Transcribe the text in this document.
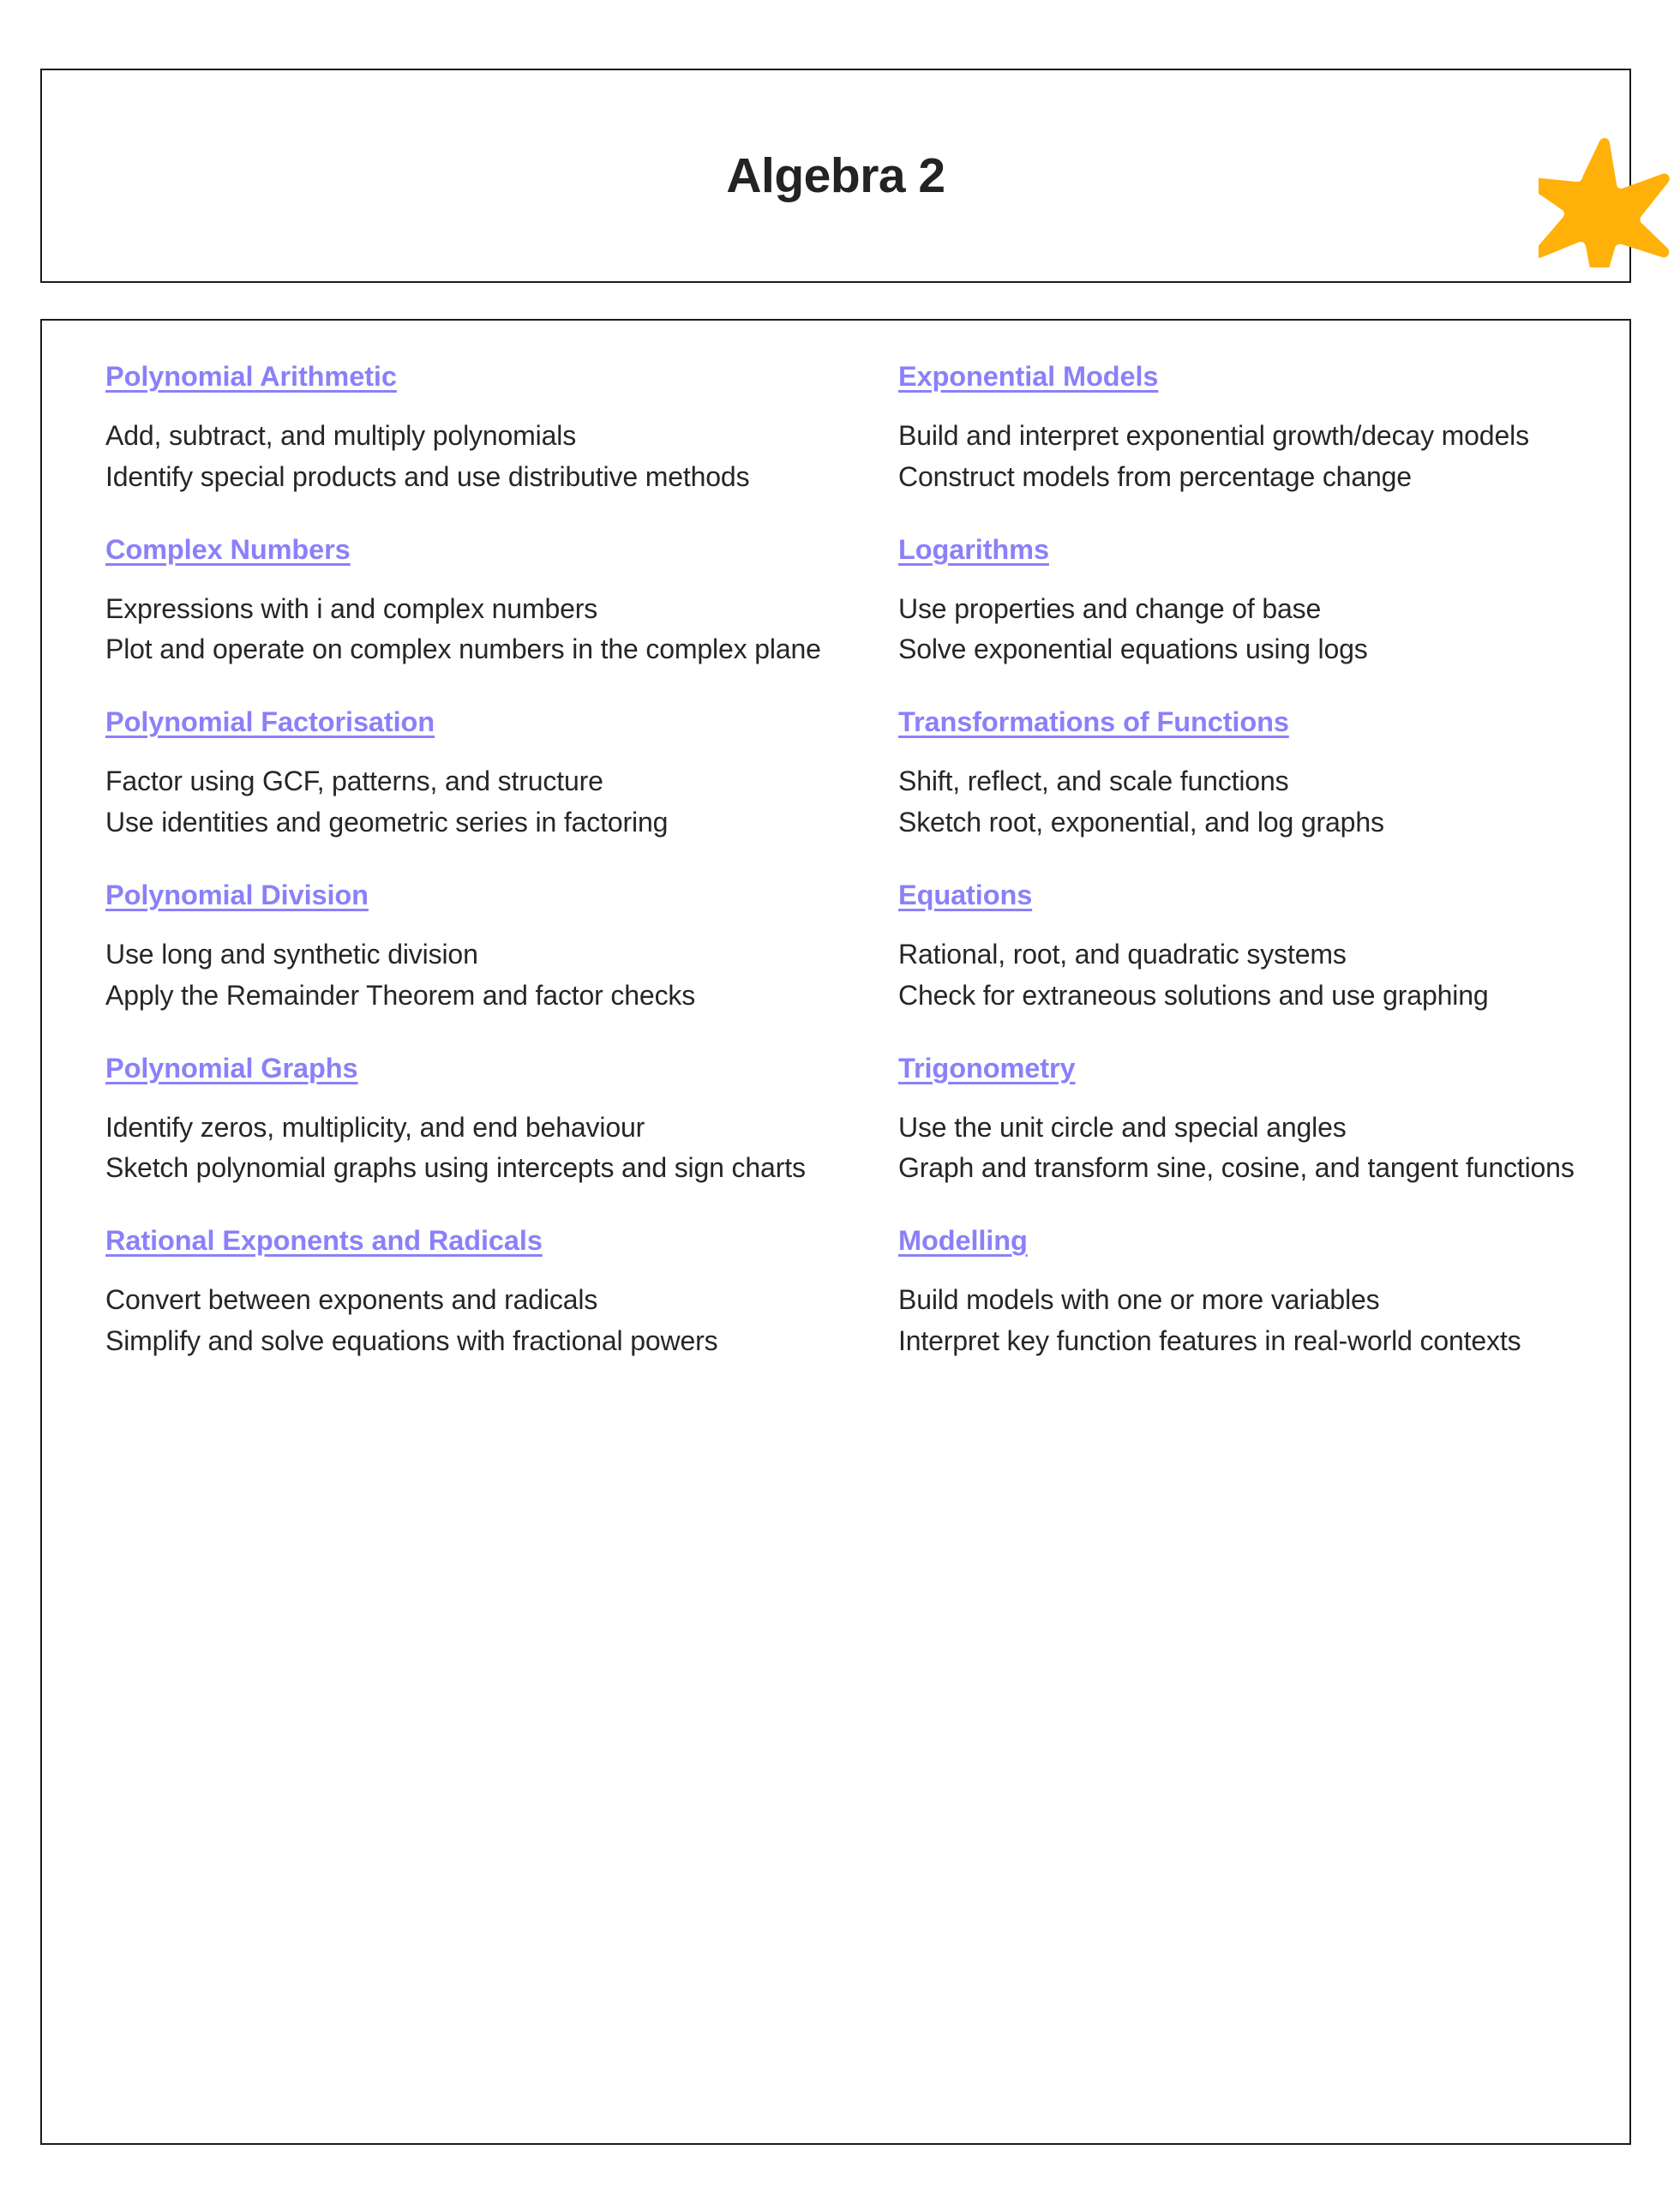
Algebra 2
Polynomial Arithmetic
Add, subtract, and multiply polynomials
Identify special products and use distributive methods
Complex Numbers
Expressions with i and complex numbers
Plot and operate on complex numbers in the complex plane
Polynomial Factorisation
Factor using GCF, patterns, and structure
Use identities and geometric series in factoring
Polynomial Division
Use long and synthetic division
Apply the Remainder Theorem and factor checks
Polynomial Graphs
Identify zeros, multiplicity, and end behaviour
Sketch polynomial graphs using intercepts and sign charts
Rational Exponents and Radicals
Convert between exponents and radicals
Simplify and solve equations with fractional powers
Exponential Models
Build and interpret exponential growth/decay models
Construct models from percentage change
Logarithms
Use properties and change of base
Solve exponential equations using logs
Transformations of Functions
Shift, reflect, and scale functions
Sketch root, exponential, and log graphs
Equations
Rational, root, and quadratic systems
Check for extraneous solutions and use graphing
Trigonometry
Use the unit circle and special angles
Graph and transform sine, cosine, and tangent functions
Modelling
Build models with one or more variables
Interpret key function features in real-world contexts
